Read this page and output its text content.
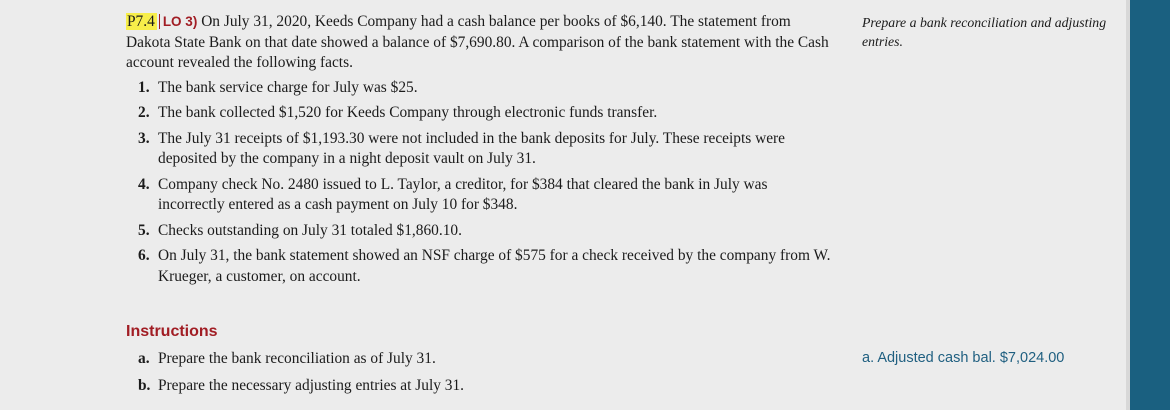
P7.4 LO 3) On July 31, 2020, Keeds Company had a cash balance per books of $6,140. The statement from Dakota State Bank on that date showed a balance of $7,690.80. A comparison of the bank statement with the Cash account revealed the following facts.

1. The bank service charge for July was $25.
2. The bank collected $1,520 for Keeds Company through electronic funds transfer.
3. The July 31 receipts of $1,193.30 were not included in the bank deposits for July. These receipts were deposited by the company in a night deposit vault on July 31.
4. Company check No. 2480 issued to L. Taylor, a creditor, for $384 that cleared the bank in July was incorrectly entered as a cash payment on July 10 for $348.
5. Checks outstanding on July 31 totaled $1,860.10.
6. On July 31, the bank statement showed an NSF charge of $575 for a check received by the company from W. Krueger, a customer, on account.
Prepare a bank reconciliation and adjusting entries.
Instructions
a. Prepare the bank reconciliation as of July 31.
b. Prepare the necessary adjusting entries at July 31.
a. Adjusted cash bal. $7,024.00
